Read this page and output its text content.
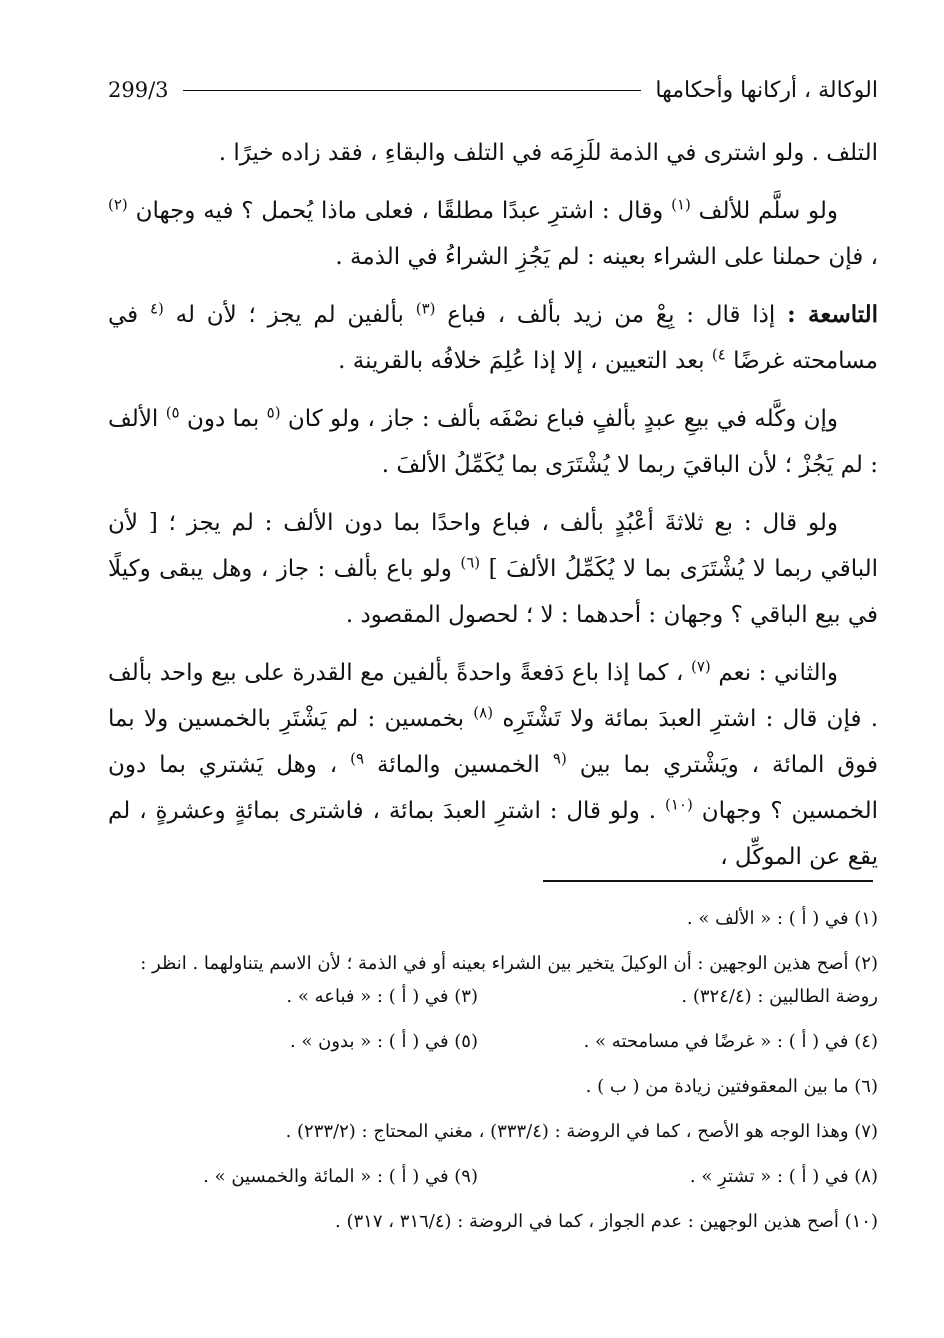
الوكالة ، أركانها وأحكامها
299/3

التلف . ولو اشترى في الذمة للَزِمَه في التلف والبقاءِ ، فقد زاده خيرًا .

ولو سلَّم للألف $^{(١)}$ وقال : اشترِ عبدًا مطلقًا ، فعلى ماذا يُحمل ؟ فيه وجهان $^{(٢)}$ ، فإن حملنا على الشراء بعينه : لم يَجُزِ الشراءُ في الذمة .

التاسعة : إذا قال : بِعْ من زيد بألف ، فباع $^{(٣)}$ بألفين لم يجز ؛ لأن له $^{(٤}$ في مسامحته غرضًا $^{٤)}$ بعد التعيين ، إلا إذا عُلِمَ خلافُه بالقرينة .

وإن وكَّله في بيعِ عبدٍ بألفٍ فباع نصْفَه بألف : جاز ، ولو كان $^{(٥}$ بما دون $^{٥)}$ الألف : لم يَجُزْ ؛ لأن الباقيَ ربما لا يُشْتَرَى بما يُكَمِّلُ الألفَ .

ولو قال : بع ثلاثةَ أعْبُدٍ بألف ، فباع واحدًا بما دون الألف : لم يجز ؛ [ لأن الباقي ربما لا يُشْتَرَى بما لا يُكَمِّلُ الألفَ ] $^{(٦)}$ ولو باع بألف : جاز ، وهل يبقى وكيلًا في بيع الباقي ؟ وجهان : أحدهما : لا ؛ لحصول المقصود .

والثاني : نعم $^{(٧)}$ ، كما إذا باع دَفعةً واحدةً بألفين مع القدرة على بيع واحد بألف . فإن قال : اشترِ العبدَ بمائة ولا تَشْتَرِه $^{(٨)}$ بخمسين : لم يَشْتَرِ بالخمسين ولا بما فوق المائة ، ويَشْتري بما بين $^{(٩}$ الخمسين والمائة $^{٩)}$ ، وهل يَشتري بما دون الخمسين ؟ وجهان $^{(١٠)}$ . ولو قال : اشترِ العبدَ بمائة ، فاشترى بمائةٍ وعشرةٍ ، لم يقع عن الموكِّل ،

(١) في ( أ ) : « الألف » .
(٢) أصح هذين الوجهين : أن الوكيلَ يتخير بين الشراء بعينه أو في الذمة ؛ لأن الاسم يتناولهما . انظر :
روضة الطالبين : (٣٢٤/٤) .
(٣) في ( أ ) : « فباعه » .
(٤) في ( أ ) : « غرضًا في مسامحته » .
(٥) في ( أ ) : « بدون » .
(٦) ما بين المعقوفتين زيادة من ( ب ) .
(٧) وهذا الوجه هو الأصح ، كما في الروضة : (٣٣٣/٤) ، مغني المحتاج : (٢٣٣/٢) .
(٨) في ( أ ) : « تشترِ » .
(٩) في ( أ ) : « المائة والخمسين » .
(١٠) أصح هذين الوجهين : عدم الجواز ، كما في الروضة : (٣١٦/٤ ، ٣١٧) .
